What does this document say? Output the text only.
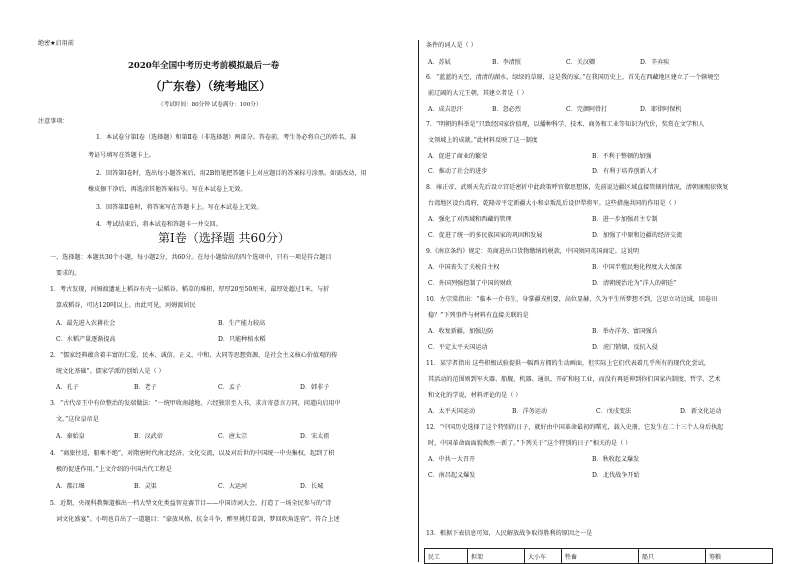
绝密★启用前
2020年全国中考历史考前模拟最后一卷
（广东卷）（统考地区）
（考试时间：80分钟 试卷满分：100分）
注意事项：
1．本试卷分第Ⅰ卷（选择题）和第Ⅱ卷（非选择题）两部分。答卷前，考生务必将自己的姓名、准
考证号填写在答题卡上。
2．回答第Ⅰ卷时，选出每小题答案后，用2B铅笔把答题卡上对应题目的答案标号涂黑。如需改动，用
橡皮擦干净后，再选涂其他答案标号。写在本试卷上无效。
3．回答第Ⅱ卷时，将答案写在答题卡上。写在本试卷上无效。
4．考试结束后，将本试卷和答题卡一并交回。
第Ⅰ卷（选择题 共60分）
一、选择题：本题共30个小题，每小题2分，共60分。在每小题给出的四个选项中，只有一项是符合题目
要求的。
1．考古发现，河姆渡遗址上稻谷有壳一层稻谷、稻草的堆积，厚厚20至50厘米，最厚处超过1米，与折
算成稻谷，可达120吨以上。由此可见，河姆渡居民
A．最先进入农耕社会	B．生产能力较高
C．水稻产量逐渐提高	D．只能种植水稻
2．“儒家经典蕴含着丰富的仁爱、民本、诚信、正义、中和、大同等思想资源，是社会主义核心价值观的传
统文化基础”。儒家学派的创始人是（ ）
A．孔子	B．老子	C．孟子	D．韩非子
3．“古代帝王中有位整治的发端做法：“一统甲收南越地，六经独崇至人书，求言寄意言万同，问道向启用中
文。”这位皇帝是
A．秦始皇	B．汉武帝	C．唐太宗	D．宋太祖
4．“商旅往返，船乘不绝”，对隋唐时代南北经济、文化交流，以及对后世的中国统一中央集权，起到了积
极的促进作用。”上文介绍的中国古代工程是
A．都江堰	B．灵渠	C．大运河	D．长城
5．近期，央视科教频道推出一档大型文化类益智竞赛节目——中国诗词大会，打造了一场全民参与的“诗
词文化盛宴”。小明也自出了一道题目：“豪放风格，抗金斗争，醉里挑灯看剑，梦回吹角连营”。符合上述
条件的词人是（ ）
A．苏轼	B．李清照	C．关汉卿	D．辛弃疾
6．“蓝蓝的天空，清清的湖水，绿绿的草原，这是我的家。”在我国历史上，首先在西藏地区建立了一个辖境空
前辽阔的大元王朝，其建立者是（ ）
A．成吉思汗	B．忽必烈	C．完颜阿骨打	D．耶律阿保机
7．“明朝的科举是“只致经国家价值观，以播种科学、技术、商务和工业等知识为代价，奖赏在文学和人
文领域上的成就。”此材料反映了这一制度
A．促进了商业的繁荣	B．不利于整顿的加强
C．推动了社会的进步	D．有利于培养创新人才
8．雍正帝、武则天先后设立宫廷密折中此政策呼官僚思想体，先前说边疆区域直接管辖的情况，清朝康熙依恢复
台湾地区设台湾府，乾隆帝平定新疆大小和卓叛乱后设伊犁将军。这些措施共同的作用是（ ）
A．强化了对西域和西藏的管理	B．进一步加强君主专制
C．促进了统一的多民族国家的巩固和发展	D．加强了中原和边疆的经济交流
9.《南京条约》规定：英商进出口货物缴纳的税款，中国须同英国商定。这说明
A．中国丧失了关税自主权	B．中国半殖民地化程度大大加深
C．外国列强控制了中国的财政	D．清朝统治沦为“洋人的朝廷”
10．左宗棠指出：“临本一介书生，身掌疆戎机要，高位显赫，久为平生所梦想不到，岂思立功边域，回卷田
稳？”下列事件与材料有直接关联的是
A．收复新疆，加强边防	B．举办洋务，富国强兵
C．平定太平天国运动	D．虎门销烟，反抗入侵
11．某学者指出 这些积极试验提供一幅西方拥的生动画面，但实际上它们代表着几乎所有的现代化尝试，
其活动的范围则到军火器、船舰、机器、通讯、开矿和轻工业，而没有再延伸到你们国家内制度、哲学、艺术
和文化的学说，材料评论的是（ ）
A．太平天国运动	B．洋务运动	C．戊戌变法	D．新文化运动
12．“中国历史选择了这个特别的日子，就好由中国革命最初的曙光，载入史册，它发生在二十三个人身后执起
时，中国革命面面貌焕然一新了。”下列关于“这个特别的日子”相关的是（ ）
A．中共一大召开	B．秋收起义爆发
C．南昌起义爆发	D．北伐战争开始
13．根据下表信息可知，人民解放战争取得胜利的原因之一是
民工	担架	大小车	牲畜	船只	筹粮
